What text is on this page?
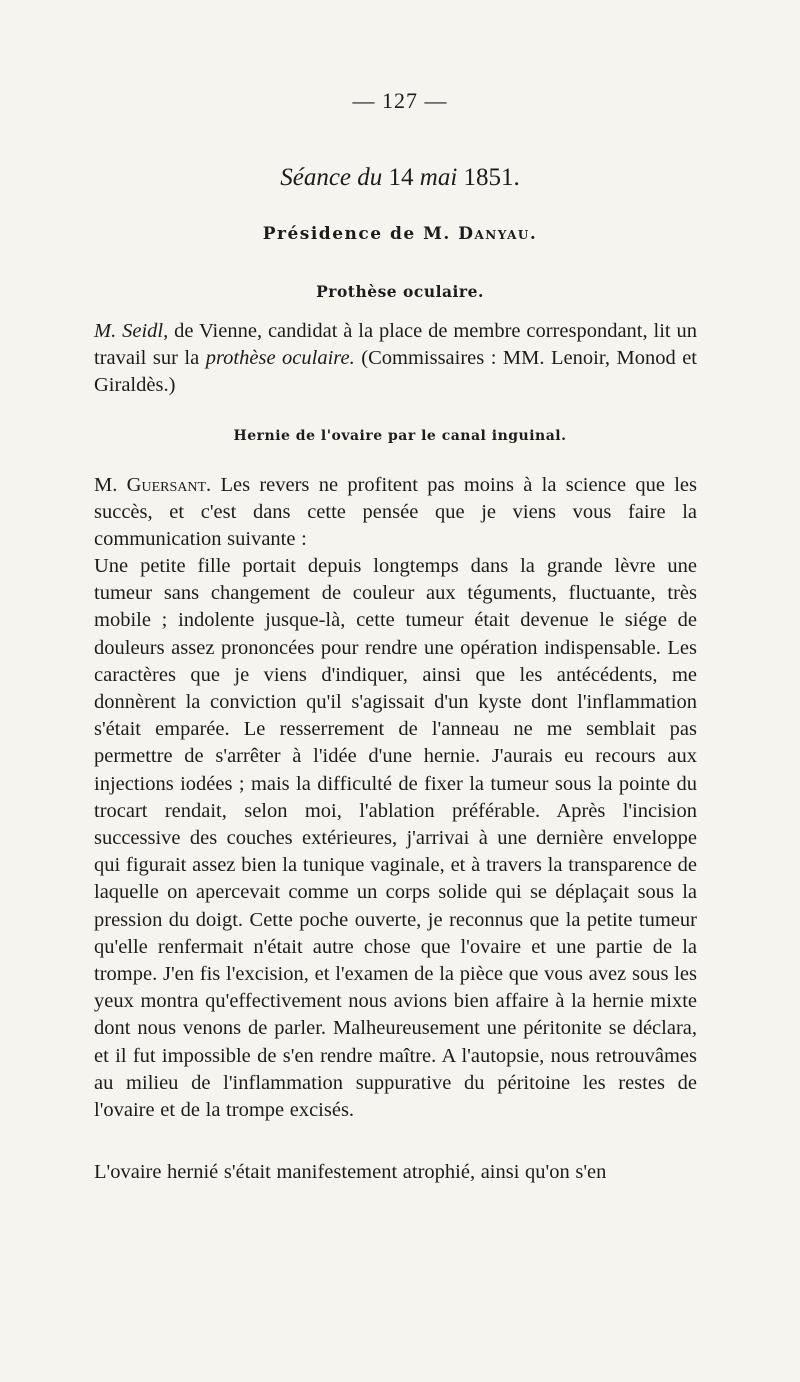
— 127 —
Séance du 14 mai 1851.
Présidence de M. Danyau.
Prothèse oculaire.
M. Seidl, de Vienne, candidat à la place de membre correspondant, lit un travail sur la prothèse oculaire. (Commissaires : MM. Lenoir, Monod et Giraldès.)
Hernie de l'ovaire par le canal inguinal.
M. Guersant. Les revers ne profitent pas moins à la science que les succès, et c'est dans cette pensée que je viens vous faire la communication suivante :
Une petite fille portait depuis longtemps dans la grande lèvre une tumeur sans changement de couleur aux téguments, fluctuante, très mobile ; indolente jusque-là, cette tumeur était devenue le siége de douleurs assez prononcées pour rendre une opération indispensable. Les caractères que je viens d'indiquer, ainsi que les antécédents, me donnèrent la conviction qu'il s'agissait d'un kyste dont l'inflammation s'était emparée. Le resserrement de l'anneau ne me semblait pas permettre de s'arrêter à l'idée d'une hernie. J'aurais eu recours aux injections iodées ; mais la difficulté de fixer la tumeur sous la pointe du trocart rendait, selon moi, l'ablation préférable. Après l'incision successive des couches extérieures, j'arrivai à une dernière enveloppe qui figurait assez bien la tunique vaginale, et à travers la transparence de laquelle on apercevait comme un corps solide qui se déplaçait sous la pression du doigt. Cette poche ouverte, je reconnus que la petite tumeur qu'elle renfermait n'était autre chose que l'ovaire et une partie de la trompe. J'en fis l'excision, et l'examen de la pièce que vous avez sous les yeux montra qu'effectivement nous avions bien affaire à la hernie mixte dont nous venons de parler. Malheureusement une péritonite se déclara, et il fut impossible de s'en rendre maître. A l'autopsie, nous retrouvâmes au milieu de l'inflammation suppurative du péritoine les restes de l'ovaire et de la trompe excisés.
L'ovaire hernié s'était manifestement atrophié, ainsi qu'on s'en
